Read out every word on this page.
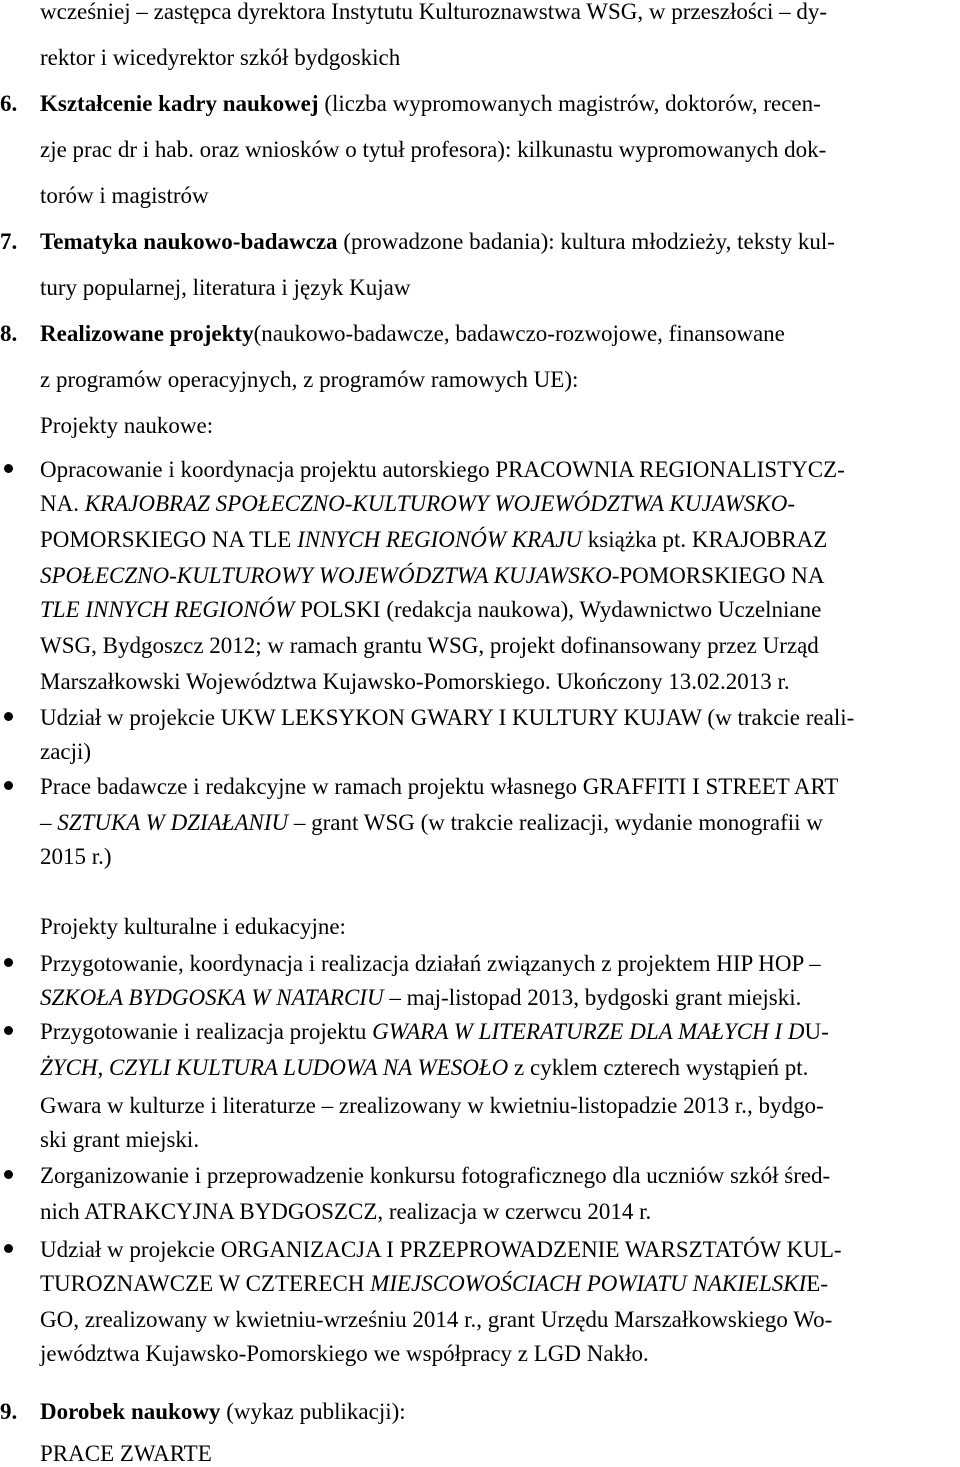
wcześniej – zastępca dyrektora Instytutu Kulturoznawstwa WSG, w przeszłości – dy-
rektor i wicedyrektor szkół bydgoskich
6. Kształcenie kadry naukowej (liczba wypromowanych magistrów, doktorów, recen-
zje prac dr i hab. oraz wniosków o tytuł profesora): kilkunastu wypromowanych dok-
torów i magistrów
7. Tematyka naukowo-badawcza (prowadzone badania): kultura młodzieży, teksty kul-
tury popularnej, literatura i język Kujaw
8. Realizowane projekty(naukowo-badawcze, badawczo-rozwojowe, finansowane
z programów operacyjnych, z programów ramowych UE):
Projekty naukowe:
Opracowanie i koordynacja projektu autorskiego PRACOWNIA REGIONALISTYCZ-
NA. KRAJOBRAZ SPOŁECZNO-KULTUROWY WOJEWÓDZTWA KUJAWSKO-
POMORSKIEGO NA TLE INNYCH REGIONÓW KRAJU książka pt. KRAJOBRAZ
SPOŁECZNO-KULTUROWY WOJEWÓDZTWA KUJAWSKO-POMORSKIEGO NA
TLE INNYCH REGIONÓW POLSKI (redakcja naukowa), Wydawnictwo Uczelniane
WSG, Bydgoszcz 2012; w ramach grantu WSG, projekt dofinansowany przez Urząd
Marszałkowski Województwa Kujawsko-Pomorskiego. Ukończony 13.02.2013 r.
Udział w projekcie UKW LEKSYKON GWARY I KULTURY KUJAW (w trakcie reali-
zacji)
Prace badawcze i redakcyjne w ramach projektu własnego GRAFFITI I STREET ART
– SZTUKA W DZIAŁANIU – grant WSG (w trakcie realizacji, wydanie monografii w
2015 r.)
Projekty kulturalne i edukacyjne:
Przygotowanie, koordynacja i realizacja działań związanych z projektem HIP HOP –
SZKOŁA BYDGOSKA W NATARCIU – maj-listopad 2013, bydgoski grant miejski.
Przygotowanie i realizacja projektu GWARA W LITERATURZE DLA MAŁYCH I DU-
ŻYCH, CZYLI KULTURA LUDOWA NA WESOŁO z cyklem czterech wystąpień pt.
Gwara w kulturze i literaturze – zrealizowany w kwietniu-listopadzie 2013 r., bydgo-
ski grant miejski.
Zorganizowanie i przeprowadzenie konkursu fotograficznego dla uczniów szkół śred-
nich ATRAKCYJNA BYDGOSZCZ, realizacja w czerwcu 2014 r.
Udział w projekcie ORGANIZACJA I PRZEPROWADZENIE WARSZTATÓW KUL-
TUROZNAWCZE W CZTERECH MIEJSCOWOŚCIACH POWIATU NAKIELSKIE-
GO, zrealizowany w kwietniu-wrześniu 2014 r., grant Urzędu Marszałkowskiego Wo-
jewództwa Kujawsko-Pomorskiego we współpracy z LGD Nakło.
9. Dorobek naukowy (wykaz publikacji):
PRACE ZWARTE
